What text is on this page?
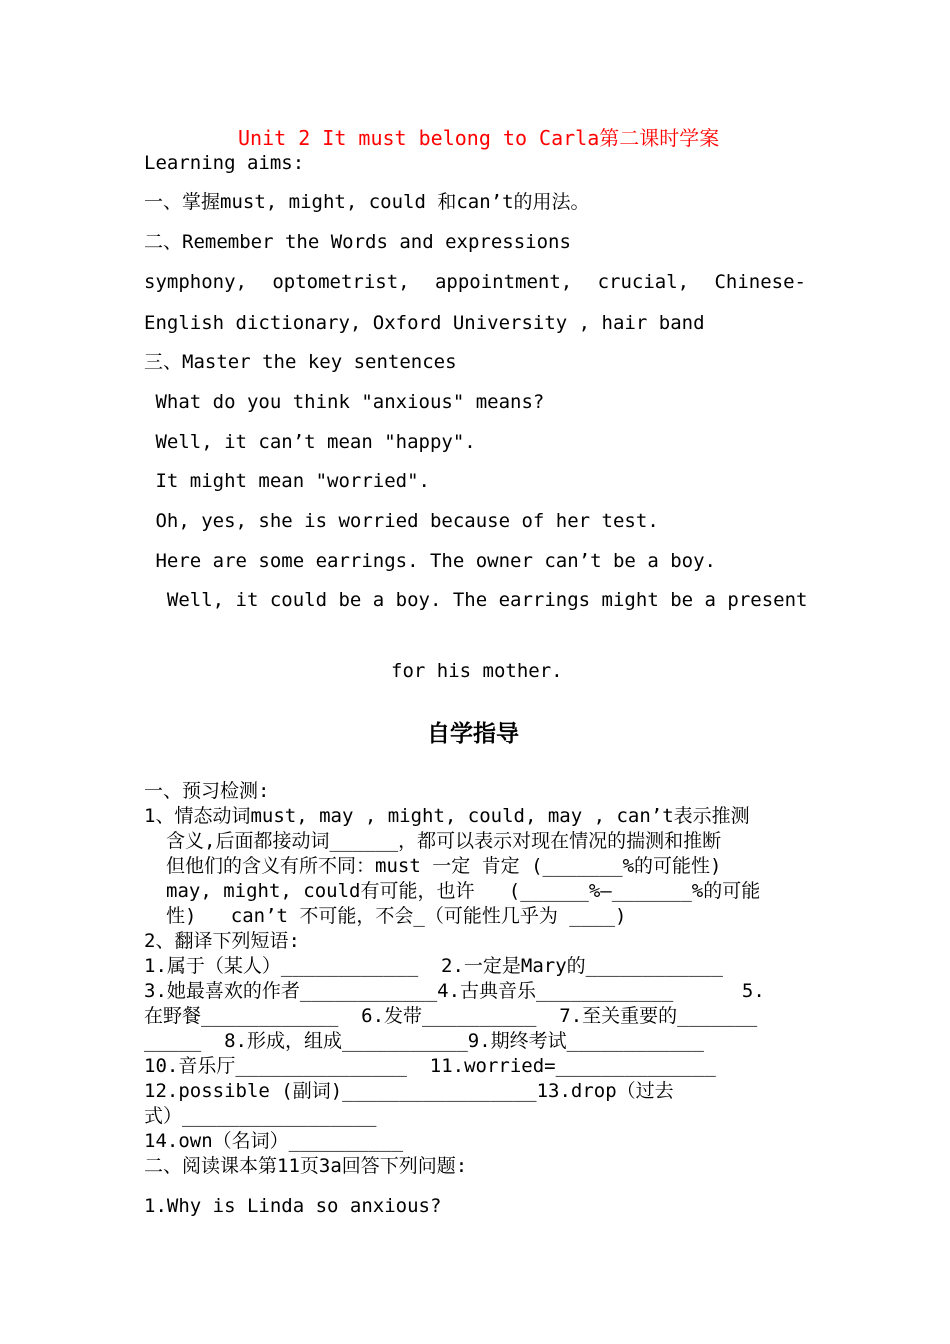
Unit 2 It must belong to Carla第二课时学案
Learning aims:
一、掌握must, might, could 和can’t的用法。
二、Remember the Words and expressions
symphony, optometrist, appointment, crucial, Chinese-
English dictionary, Oxford University , hair band
三、Master the key sentences
What do you think "anxious" means?
Well, it can’t mean "happy".
It might mean "worried".
Oh, yes, she is worried because of her test.
Here are some earrings. The owner can’t be a boy.
Well, it could be a boy. The earrings might be a present
for his mother.
自学指导
一、预习检测:
1、情态动词must, may , might, could, may , can’t表示推测
含义,后面都接动词______，都可以表示对现在情况的揣测和推断
但他们的含义有所不同：must 一定 肯定 (_______%的可能性)
may, might, could有可能，也许   (______%—_______%的可能
性)   can’t 不可能，不会_（可能性几乎为 ____)
2、翻译下列短语:
1.属于（某人）____________  2.一定是Mary的____________
3.她最喜欢的作者____________4.古典音乐____________      5.
在野餐____________  6.发带__________  7.至关重要的_______
_____  8.形成，组成___________9.期终考试____________
10.音乐厅_______________  11.worried=______________
12.possible (副词)_________________13.drop（过去
式）_________________
14.own（名词）__________
二、阅读课本第11页3a回答下列问题:
1.Why is Linda so anxious?
